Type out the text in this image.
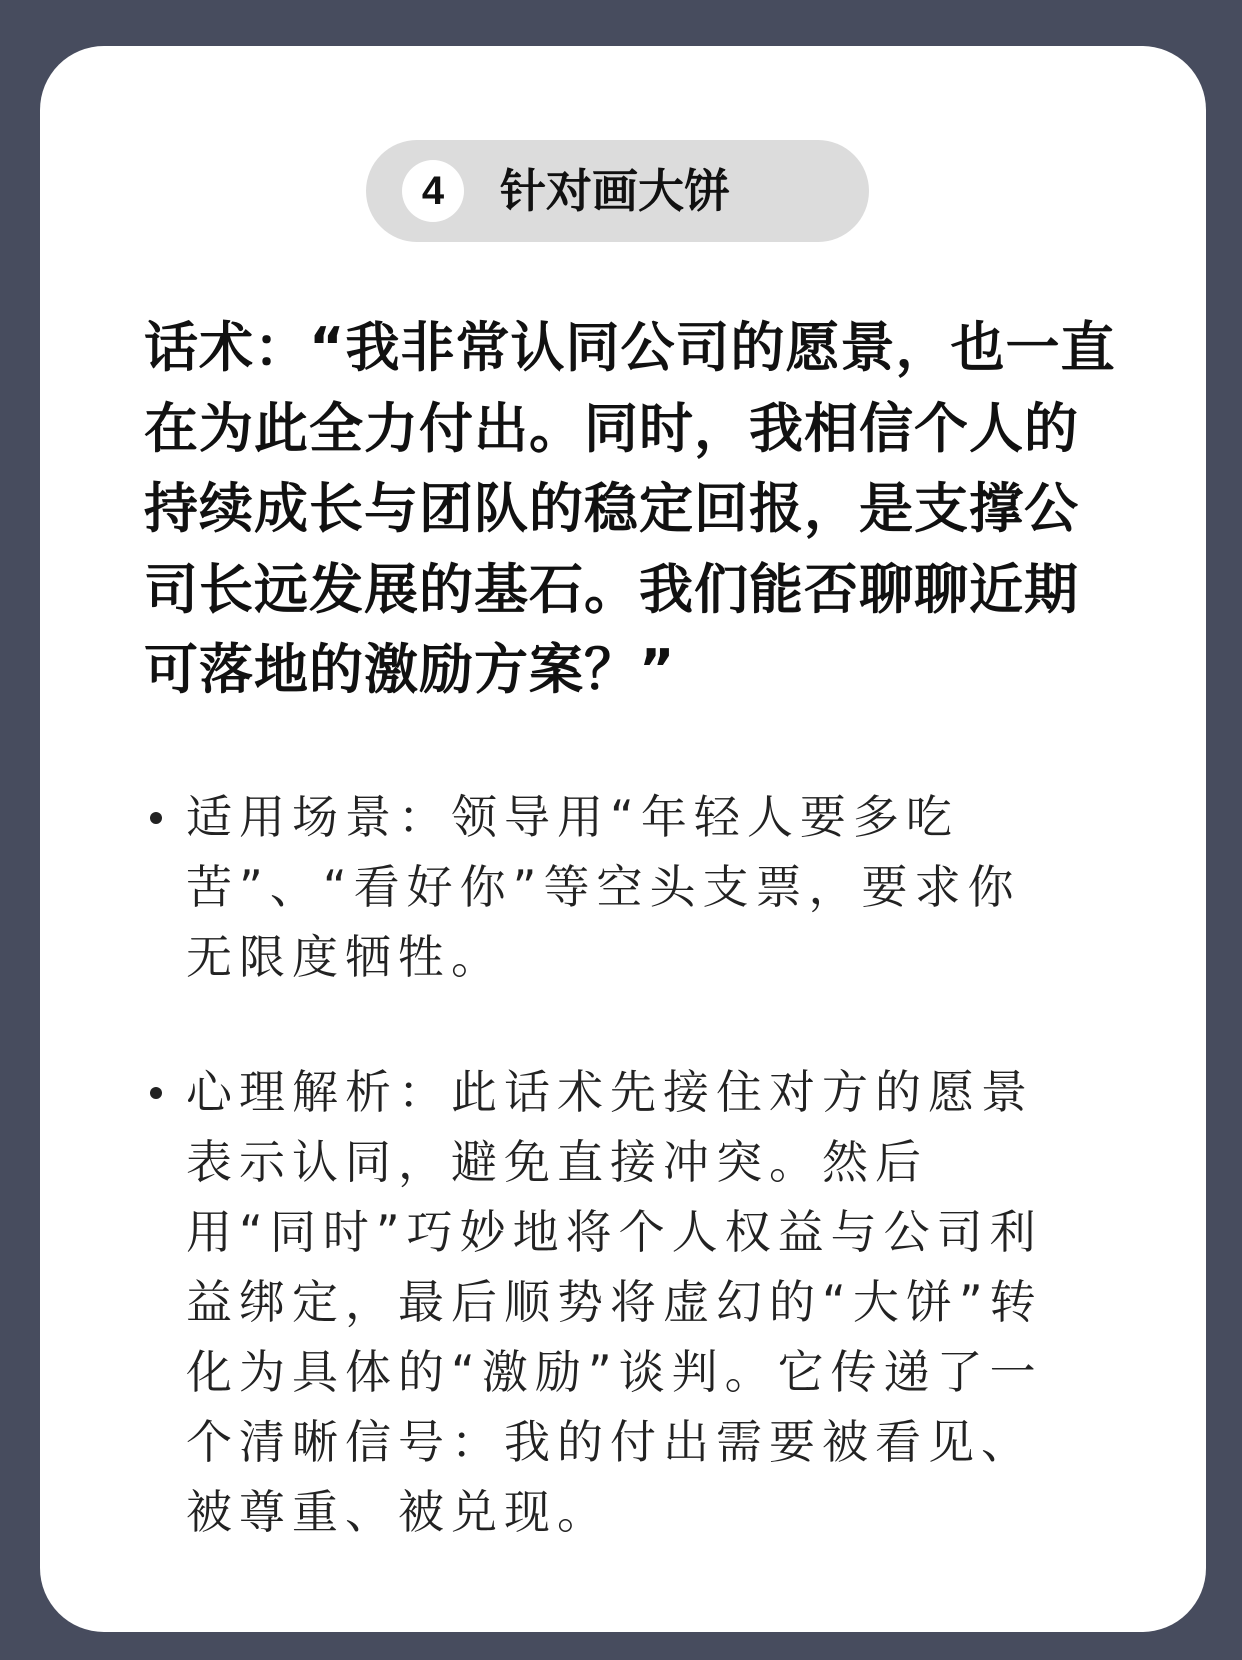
4	针对画大饼

话术：“我非常认同公司的愿景，也一直在为此全力付出。同时，我相信个人的持续成长与团队的稳定回报，是支撑公司长远发展的基石。我们能否聊聊近期可落地的激励方案？”

适用场景：领导用“年轻人要多吃苦”、“看好你”等空头支票，要求你无限度牺牲。
心理解析：此话术先接住对方的愿景表示认同，避免直接冲突。然后用“同时”巧妙地将个人权益与公司利益绑定，最后顺势将虚幻的“大饼”转化为具体的“激励”谈判。它传递了一个清晰信号：我的付出需要被看见、被尊重、被兑现。
